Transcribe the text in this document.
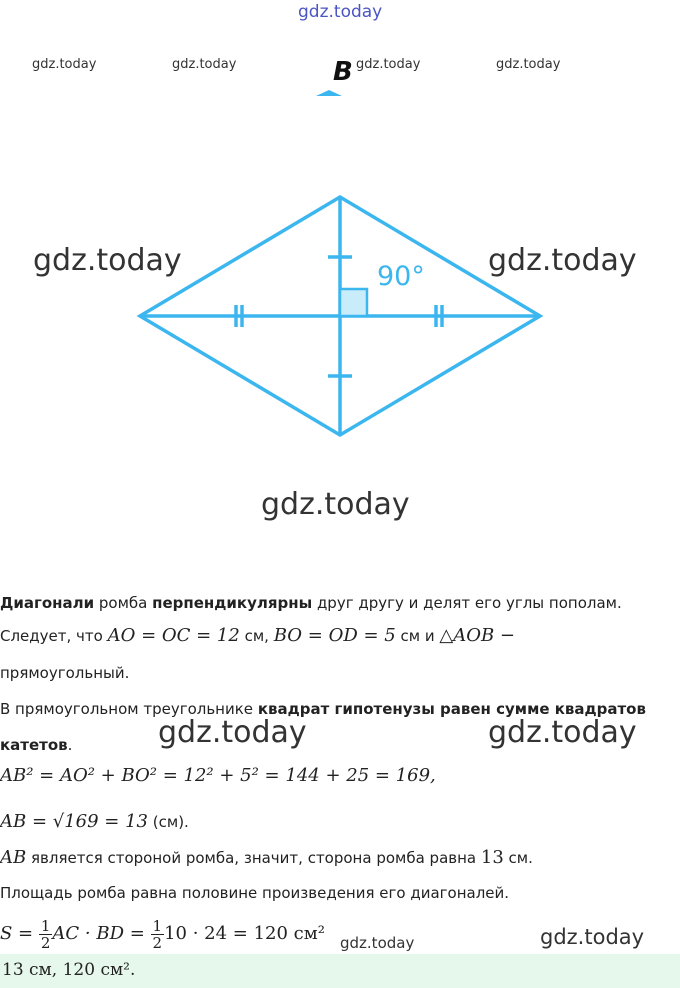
gdz.today
gdz.today	gdz.today	gdz.today	gdz.today
B
90°
gdz.today	gdz.today
gdz.today
Диагонали ромба перпендикулярны друг другу и делят его углы пополам.
Следует, что AO = OC = 12 см, BO = OD = 5 см и △AOB −
прямоугольный.
В прямоугольном треугольнике квадрат гипотенузы равен сумме квадратов
катетов.	gdz.today	gdz.today
AB² = AO² + BO² = 12² + 5² = 144 + 25 = 169,
AB = √169 = 13 (см).
AB является стороной ромба, значит, сторона ромба равна 13 см.
Площадь ромба равна половине произведения его диагоналей.
$S = \frac{1}{2}$ AC · BD = $\frac{1}{2} 10 \cdot 24 = 120$ см² gdz.today	gdz.today
13 см, 120 см².
